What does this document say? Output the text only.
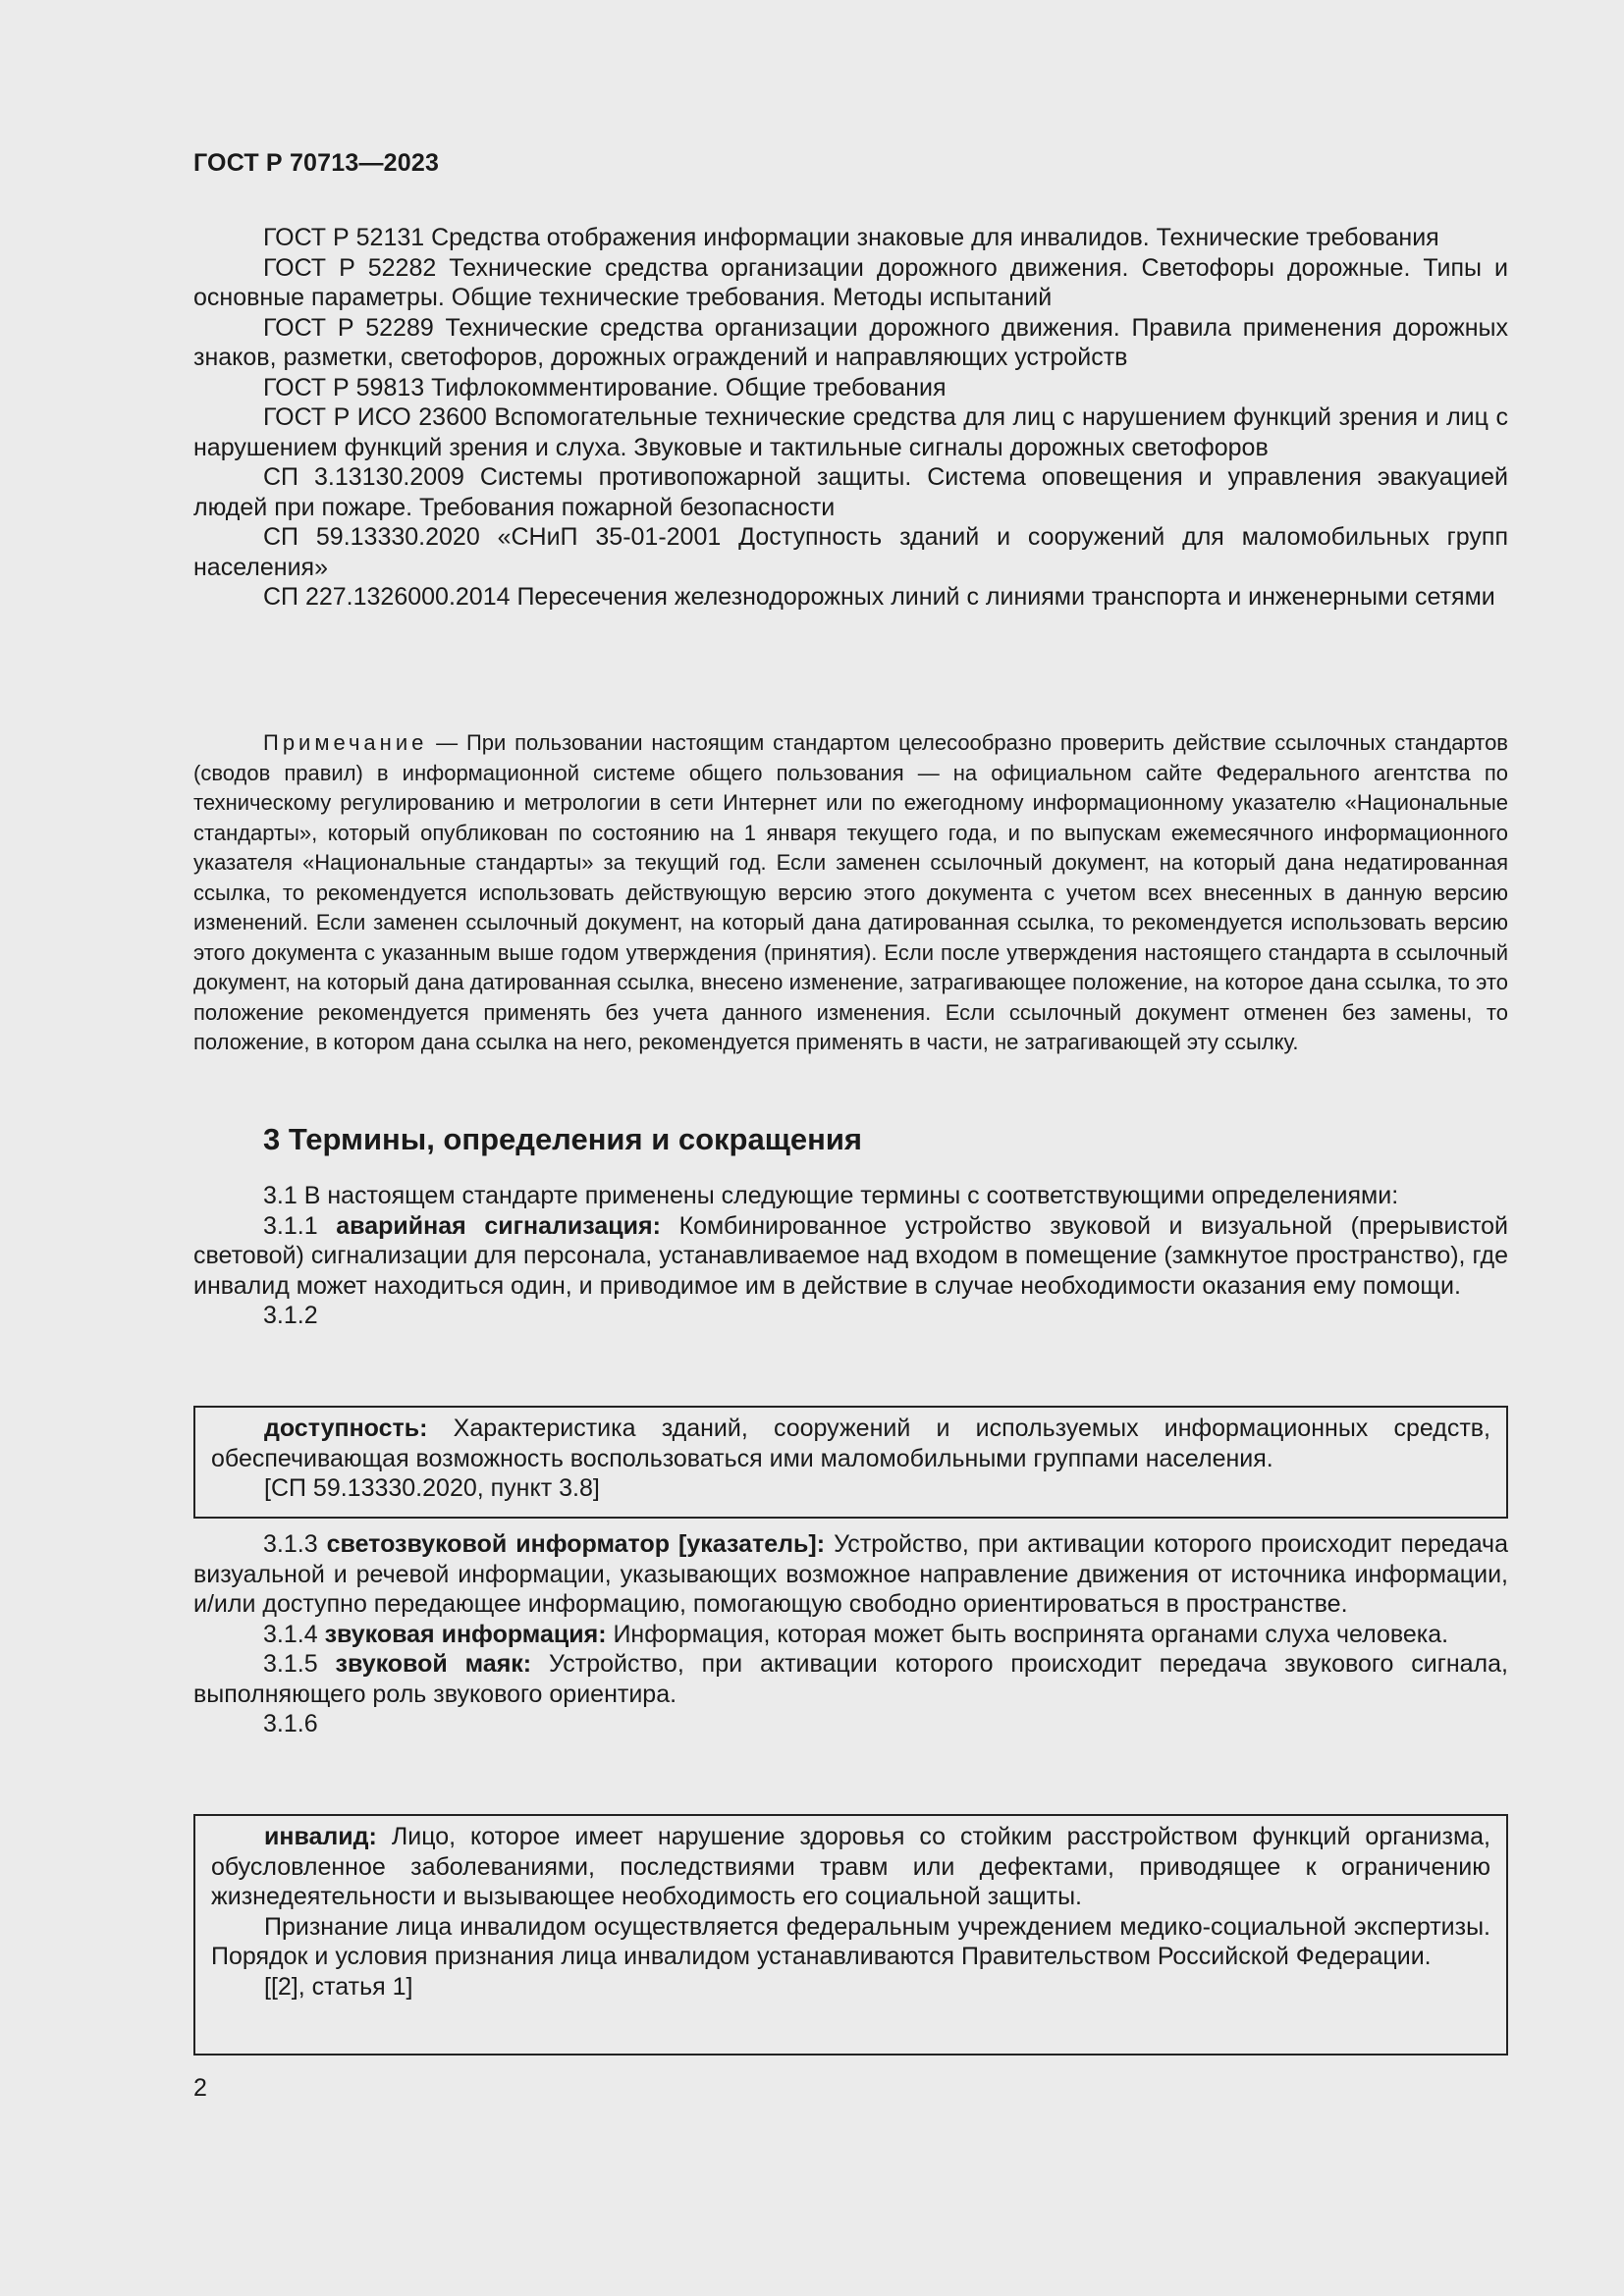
ГОСТ Р 70713—2023

ГОСТ Р 52131 Средства отображения информации знаковые для инвалидов. Технические требования

ГОСТ Р 52282 Технические средства организации дорожного движения. Светофоры дорожные. Типы и основные параметры. Общие технические требования. Методы испытаний

ГОСТ Р 52289 Технические средства организации дорожного движения. Правила применения дорожных знаков, разметки, светофоров, дорожных ограждений и направляющих устройств

ГОСТ Р 59813 Тифлокомментирование. Общие требования

ГОСТ Р ИСО 23600 Вспомогательные технические средства для лиц с нарушением функций зрения и лиц с нарушением функций зрения и слуха. Звуковые и тактильные сигналы дорожных светофоров

СП 3.13130.2009 Системы противопожарной защиты. Система оповещения и управления эвакуацией людей при пожаре. Требования пожарной безопасности

СП 59.13330.2020 «СНиП 35-01-2001 Доступность зданий и сооружений для маломобильных групп населения»

СП 227.1326000.2014 Пересечения железнодорожных линий с линиями транспорта и инженерными сетями

Примечание — При пользовании настоящим стандартом целесообразно проверить действие ссылочных стандартов (сводов правил) в информационной системе общего пользования — на официальном сайте Федерального агентства по техническому регулированию и метрологии в сети Интернет или по ежегодному информационному указателю «Национальные стандарты», который опубликован по состоянию на 1 января текущего года, и по выпускам ежемесячного информационного указателя «Национальные стандарты» за текущий год. Если заменен ссылочный документ, на который дана недатированная ссылка, то рекомендуется использовать действующую версию этого документа с учетом всех внесенных в данную версию изменений. Если заменен ссылочный документ, на который дана датированная ссылка, то рекомендуется использовать версию этого документа с указанным выше годом утверждения (принятия). Если после утверждения настоящего стандарта в ссылочный документ, на который дана датированная ссылка, внесено изменение, затрагивающее положение, на которое дана ссылка, то это положение рекомендуется применять без учета данного изменения. Если ссылочный документ отменен без замены, то положение, в котором дана ссылка на него, рекомендуется применять в части, не затрагивающей эту ссылку.

3 Термины, определения и сокращения

3.1 В настоящем стандарте применены следующие термины с соответствующими определениями:

3.1.1 аварийная сигнализация: Комбинированное устройство звуковой и визуальной (прерывистой световой) сигнализации для персонала, устанавливаемое над входом в помещение (замкнутое пространство), где инвалид может находиться один, и приводимое им в действие в случае необходимости оказания ему помощи.

3.1.2

доступность: Характеристика зданий, сооружений и используемых информационных средств, обеспечивающая возможность воспользоваться ими маломобильными группами населения.

[СП 59.13330.2020, пункт 3.8]

3.1.3 светозвуковой информатор [указатель]: Устройство, при активации которого происходит передача визуальной и речевой информации, указывающих возможное направление движения от источника информации, и/или доступно передающее информацию, помогающую свободно ориентироваться в пространстве.

3.1.4 звуковая информация: Информация, которая может быть воспринята органами слуха человека.

3.1.5 звуковой маяк: Устройство, при активации которого происходит передача звукового сигнала, выполняющего роль звукового ориентира.

3.1.6

инвалид: Лицо, которое имеет нарушение здоровья со стойким расстройством функций организма, обусловленное заболеваниями, последствиями травм или дефектами, приводящее к ограничению жизнедеятельности и вызывающее необходимость его социальной защиты.

Признание лица инвалидом осуществляется федеральным учреждением медико-социальной экспертизы. Порядок и условия признания лица инвалидом устанавливаются Правительством Российской Федерации.

[[2], статья 1]

2
